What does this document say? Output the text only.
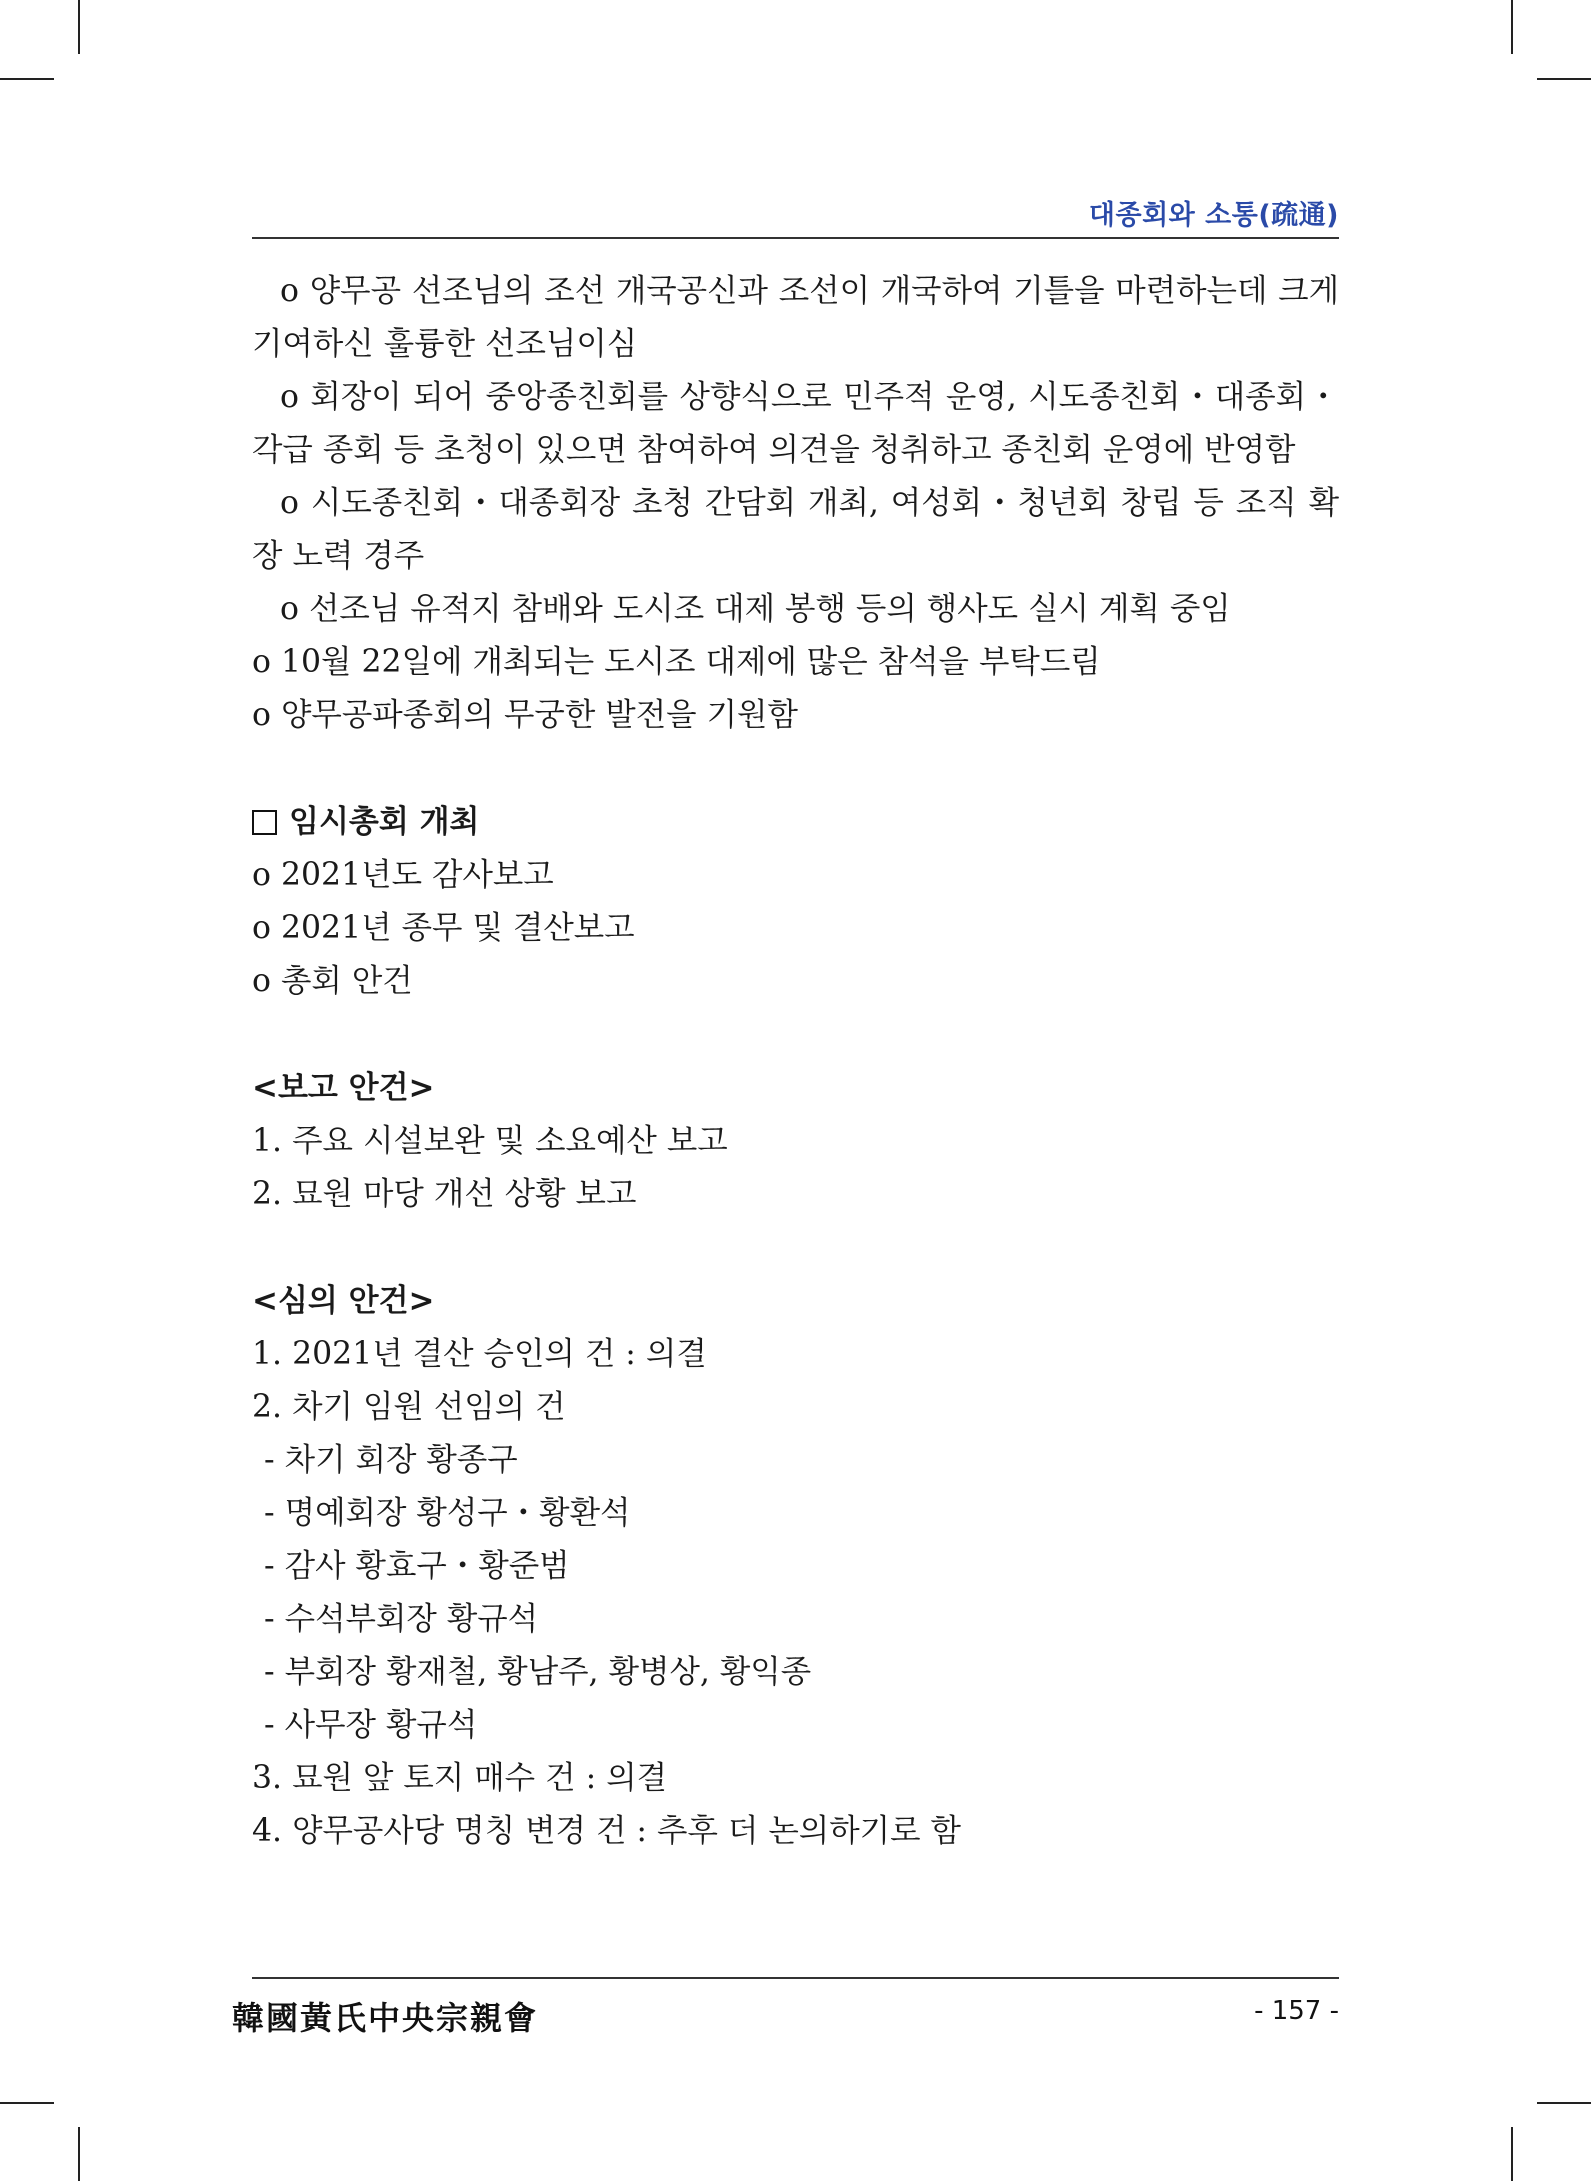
대종회와 소통(疏通)

o 양무공 선조님의 조선 개국공신과 조선이 개국하여 기틀을 마련하는데 크게 기여하신 훌륭한 선조님이심

o 회장이 되어 중앙종친회를 상향식으로 민주적 운영, 시도종친회・대종회・각급 종회 등 초청이 있으면 참여하여 의견을 청취하고 종친회 운영에 반영함

o 시도종친회・대종회장 초청 간담회 개최, 여성회・청년회 창립 등 조직 확장 노력 경주

o 선조님 유적지 참배와 도시조 대제 봉행 등의 행사도 실시 계획 중임

o 10월 22일에 개최되는 도시조 대제에 많은 참석을 부탁드림

o 양무공파종회의 무궁한 발전을 기원함

임시총회 개최

o 2021년도 감사보고

o 2021년 종무 및 결산보고

o 총회 안건

<보고 안건>

1. 주요 시설보완 및 소요예산 보고

2. 묘원 마당 개선 상황 보고

<심의 안건>

1. 2021년 결산 승인의 건 : 의결

2. 차기 임원 선임의 건

- 차기 회장 황종구

- 명예회장 황성구・황환석

- 감사 황효구・황준범

- 수석부회장 황규석

- 부회장 황재철, 황남주, 황병상, 황익종

- 사무장 황규석

3. 묘원 앞 토지 매수 건 : 의결

4. 양무공사당 명칭 변경 건 : 추후 더 논의하기로 함

韓國黃氏中央宗親會	- 157 -
